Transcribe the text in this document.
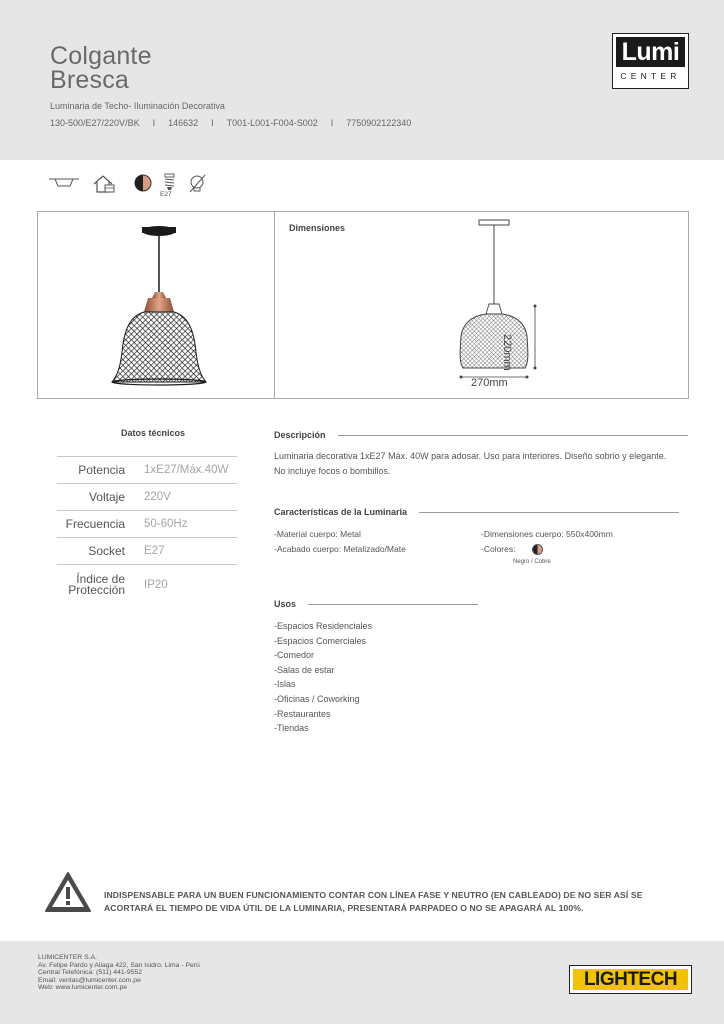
Colgante
Bresca
Luminaria de Techo- Iluminación Decorativa
130-500/E27/220V/BK	I	146632	I	T001-L001-F004-S002	I	7750902122340
Lumi
CENTER
E27
Dimensiones
270mm
220mm
Datos técnicos
Potencia	1xE27/Máx.40W
Voltaje	220V
Frecuencia	50-60Hz
Socket	E27
Índice de
Protección	IP20
Descripción
Luminaria decorativa 1xE27 Máx. 40W para adosar. Uso para interiores. Diseño sobrio y elegante.
No incluye focos o bombillos.
Características de la Luminaria
-Material cuerpo: Metal
-Acabado cuerpo: Metalizado/Mate
-Dimensiones cuerpo: 550x400mm
-Colores:
Negro / Cobre
Usos
-Espacios Residenciales
-Espacios Comerciales
-Comedor
-Salas de estar
-Islas
-Oficinas / Coworking
-Restaurantes
-Tiendas
INDISPENSABLE PARA UN BUEN FUNCIONAMIENTO CONTAR CON LÍNEA FASE Y NEUTRO (EN CABLEADO) DE NO SER ASÍ SE
ACORTARÁ EL TIEMPO DE VIDA ÚTIL DE LA LUMINARIA, PRESENTARÁ PARPADEO O NO SE APAGARÁ AL 100%.
LUMICENTER S.A.
Av. Felipe Pardo y Aliaga 422, San Isidro. Lima - Perú
Central Telefónica: (511) 441-9552
Email: ventas@lumicenter.com.pe
Web: www.lumicenter.com.pe	LIGHTECH
